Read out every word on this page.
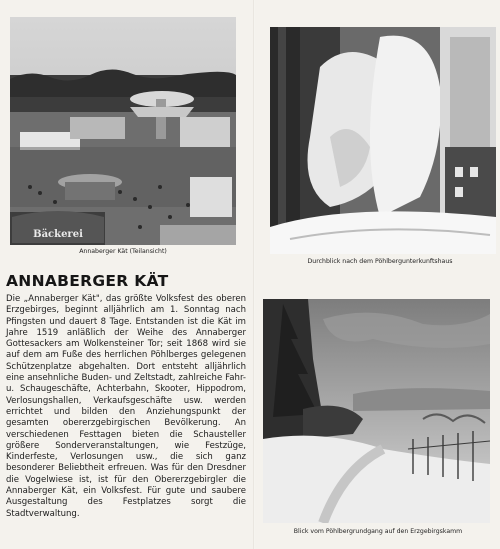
Bäckerei
Annaberger Kät (Teilansicht)
Durchblick nach dem Pöhlbergunterkunftshaus
ANNABERGER KÄT

Die „Annaberger Kät", das größte Volksfest des oberen Erzgebirges, beginnt alljährlich am 1. Sonntag nach Pfingsten und dauert 8 Tage. Entstanden ist die Kät im Jahre 1519 anläßlich der Weihe des Annaberger Gottesackers am Wolkensteiner Tor; seit 1868 wird sie auf dem am Fuße des herrlichen Pöhlberges gelegenen Schützenplatze abgehalten. Dort entsteht alljährlich eine ansehnliche Buden- und Zeltstadt, zahlreiche Fahr- u. Schaugeschäfte, Achterbahn, Skooter, Hippodrom, Verlosungshallen, Verkaufsgeschäfte usw. werden errichtet und bilden den Anziehungspunkt der gesamten obererzgebirgischen Bevölkerung. An verschiedenen Festtagen bieten die Schausteller größere Sonderveranstaltungen, wie Festzüge, Kinderfeste, Verlosungen usw., die sich ganz besonderer Beliebtheit erfreuen. Was für den Dresdner die Vogelwiese ist, ist für den Obererzgebirgler die Annaberger Kät, ein Volksfest. Für gute und saubere Ausgestaltung des Festplatzes sorgt die Stadtverwaltung.

Blick vom Pöhlbergrundgang auf den Erzgebirgskamm
